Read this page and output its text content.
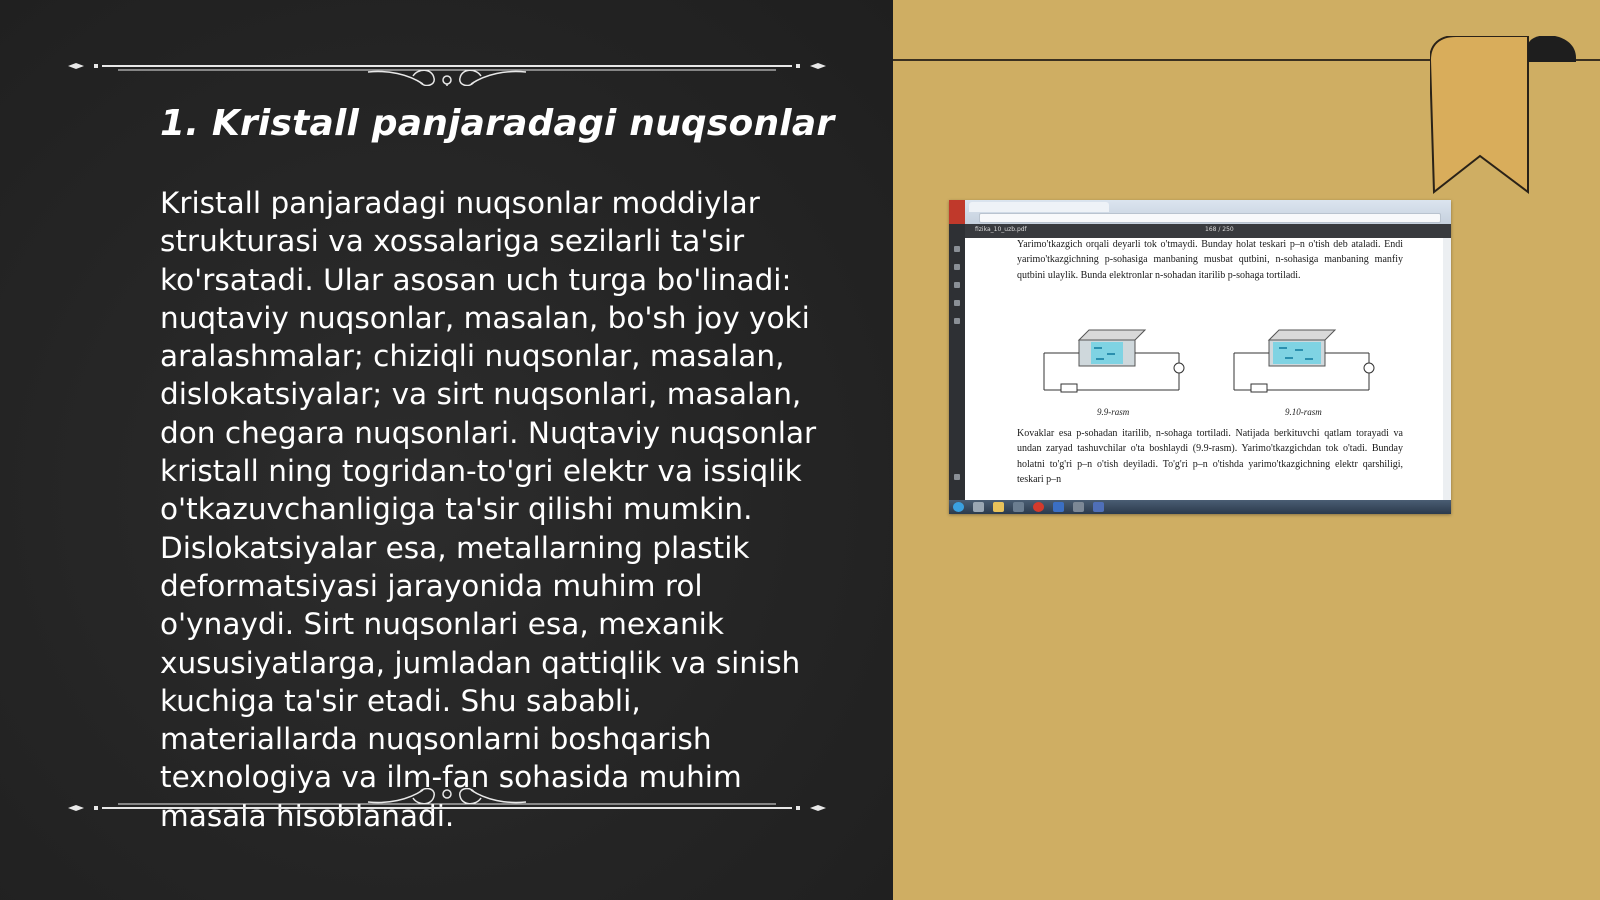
1. Kristall panjaradagi nuqsonlar

Kristall panjaradagi nuqsonlar moddiylar strukturasi va xossalariga sezilarli ta'sir ko'rsatadi. Ular asosan uch turga bo'linadi: nuqtaviy nuqsonlar, masalan, bo'sh joy yoki aralashmalar; chiziqli nuqsonlar, masalan, dislokatsiyalar; va sirt nuqsonlari, masalan, don chegara nuqsonlari. Nuqtaviy nuqsonlar kristall ning togridan-to'gri elektr va issiqlik o'tkazuvchanligiga ta'sir qilishi mumkin. Dislokatsiyalar esa, metallarning plastik deformatsiyasi jarayonida muhim rol o'ynaydi. Sirt nuqsonlari esa, mexanik xususiyatlarga, jumladan qattiqlik va sinish kuchiga ta'sir etadi. Shu sababli, materiallarda nuqsonlarni boshqarish texnologiya va ilm-fan sohasida muhim masala hisoblanadi.

fizika_10_uzb.pdf	168 / 250

Yarimo'tkazgich orqali deyarli tok o'tmaydi. Bunday holat teskari p–n o'tish deb ataladi. Endi yarimo'tkazgichning p-sohasiga manbaning musbat qutbini, n-sohasiga manbaning manfiy qutbini ulaylik. Bunda elektronlar n-sohadan itarilib p-sohaga tortiladi.

9.9-rasm	9.10-rasm

Kovaklar esa p-sohadan itarilib, n-sohaga tortiladi. Natijada berkituvchi qatlam torayadi va undan zaryad tashuvchilar o'ta boshlaydi (9.9-rasm). Yarimo'tkazgichdan tok o'tadi. Bunday holatni to'g'ri p–n o'tish deyiladi. To'g'ri p–n o'tishda yarimo'tkazgichning elektr qarshiligi, teskari p–n
